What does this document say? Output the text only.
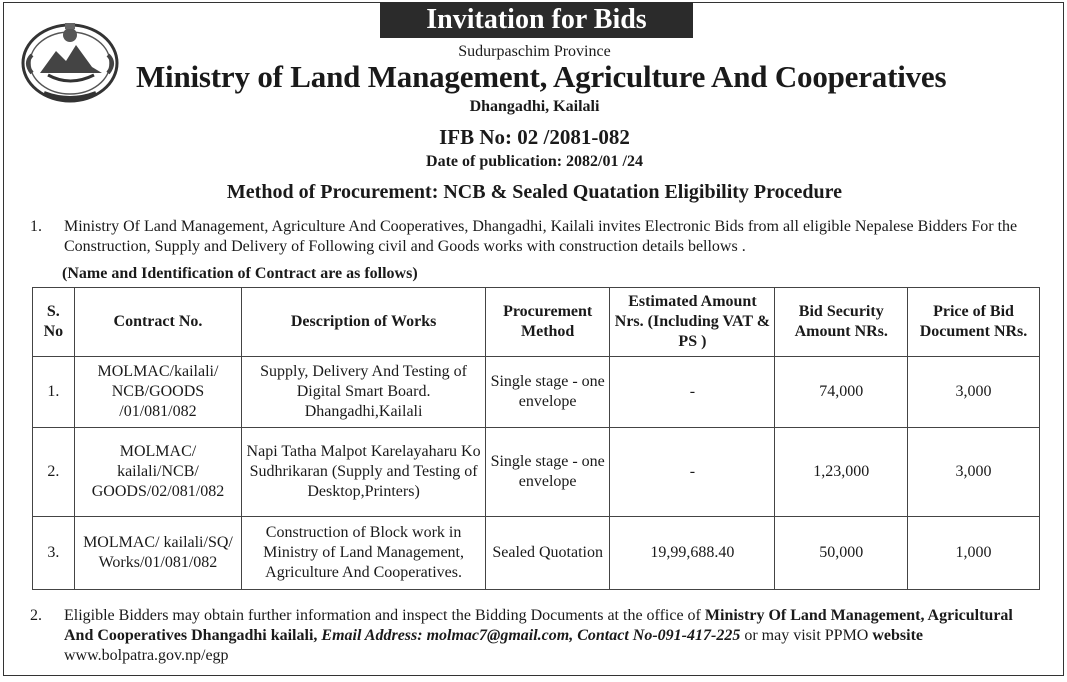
Invitation for Bids
Sudurpaschim Province
Ministry of Land Management, Agriculture And Cooperatives
Dhangadhi, Kailali
IFB No: 02 /2081-082
Date of publication: 2082/01 /24
Method of Procurement: NCB & Sealed Quatation Eligibility Procedure
1. Ministry Of Land Management, Agriculture And Cooperatives, Dhangadhi, Kailali invites Electronic Bids from all eligible Nepalese Bidders For the Construction, Supply and Delivery of Following civil and Goods works with construction details bellows .
(Name and Identification of Contract are as follows)
S. No	Contract No.	Description of Works	Procurement Method	Estimated Amount Nrs. (Including VAT & PS )	Bid Security Amount NRs.	Price of Bid Document NRs.
1.	MOLMAC/kailali/ NCB/GOODS /01/081/082	Supply, Delivery And Testing of Digital Smart Board. Dhangadhi,Kailali	Single stage - one envelope	-	74,000	3,000
2.	MOLMAC/ kailali/NCB/ GOODS/02/081/082	Napi Tatha Malpot Karelayaharu Ko Sudhrikaran (Supply and Testing of Desktop,Printers)	Single stage - one envelope	-	1,23,000	3,000
3.	MOLMAC/ kailali/SQ/ Works/01/081/082	Construction of Block work in Ministry of Land Management, Agriculture And Cooperatives.	Sealed Quotation	19,99,688.40	50,000	1,000
2. Eligible Bidders may obtain further information and inspect the Bidding Documents at the office of Ministry Of Land Management, Agricultural And Cooperatives Dhangadhi kailali, Email Address: molmac7@gmail.com, Contact No-091-417-225 or may visit PPMO website www.bolpatra.gov.np/egp
